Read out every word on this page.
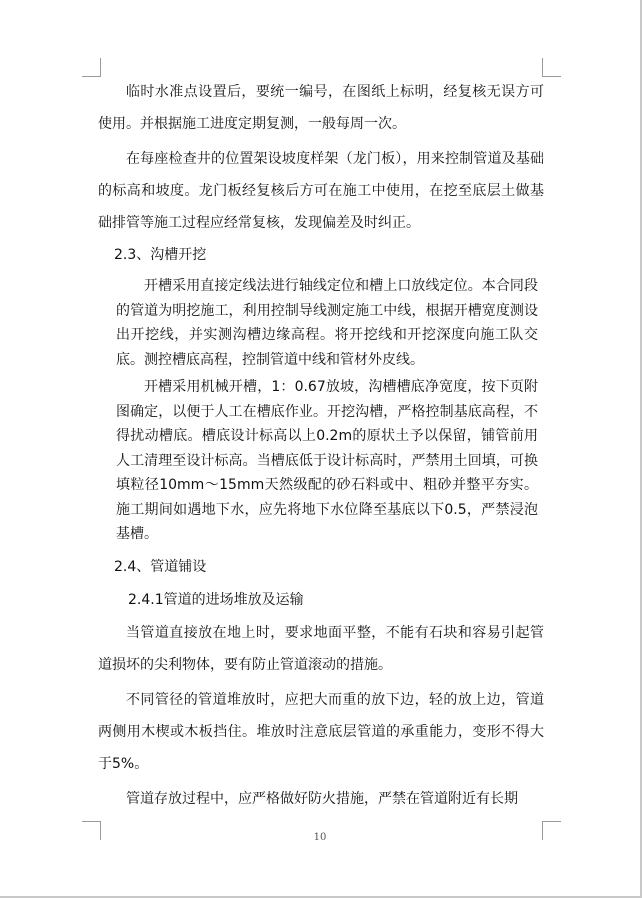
临时水准点设置后，要统一编号，在图纸上标明，经复核无误方可使用。并根据施工进度定期复测，一般每周一次。

在每座检查井的位置架设坡度样架（龙门板），用来控制管道及基础的标高和坡度。龙门板经复核后方可在施工中使用，在挖至底层土做基础排管等施工过程应经常复核，发现偏差及时纠正。

2.3、沟槽开挖

开槽采用直接定线法进行轴线定位和槽上口放线定位。本合同段的管道为明挖施工，利用控制导线测定施工中线，根据开槽宽度测设出开挖线，并实测沟槽边缘高程。将开挖线和开挖深度向施工队交底。测控槽底高程，控制管道中线和管材外皮线。

开槽采用机械开槽，1：0.67放坡，沟槽槽底净宽度，按下页附图确定，以便于人工在槽底作业。开挖沟槽，严格控制基底高程，不得扰动槽底。槽底设计标高以上0.2m的原状土予以保留，铺管前用人工清理至设计标高。当槽底低于设计标高时，严禁用土回填，可换填粒径10mm～15mm天然级配的砂石料或中、粗砂并整平夯实。施工期间如遇地下水，应先将地下水位降至基底以下0.5，严禁浸泡基槽。

2.4、管道铺设

2.4.1管道的进场堆放及运输

当管道直接放在地上时，要求地面平整，不能有石块和容易引起管道损坏的尖利物体，要有防止管道滚动的措施。

不同管径的管道堆放时，应把大而重的放下边，轻的放上边，管道两侧用木楔或木板挡住。堆放时注意底层管道的承重能力，变形不得大于5%。

管道存放过程中，应严格做好防火措施，严禁在管道附近有长期

10
